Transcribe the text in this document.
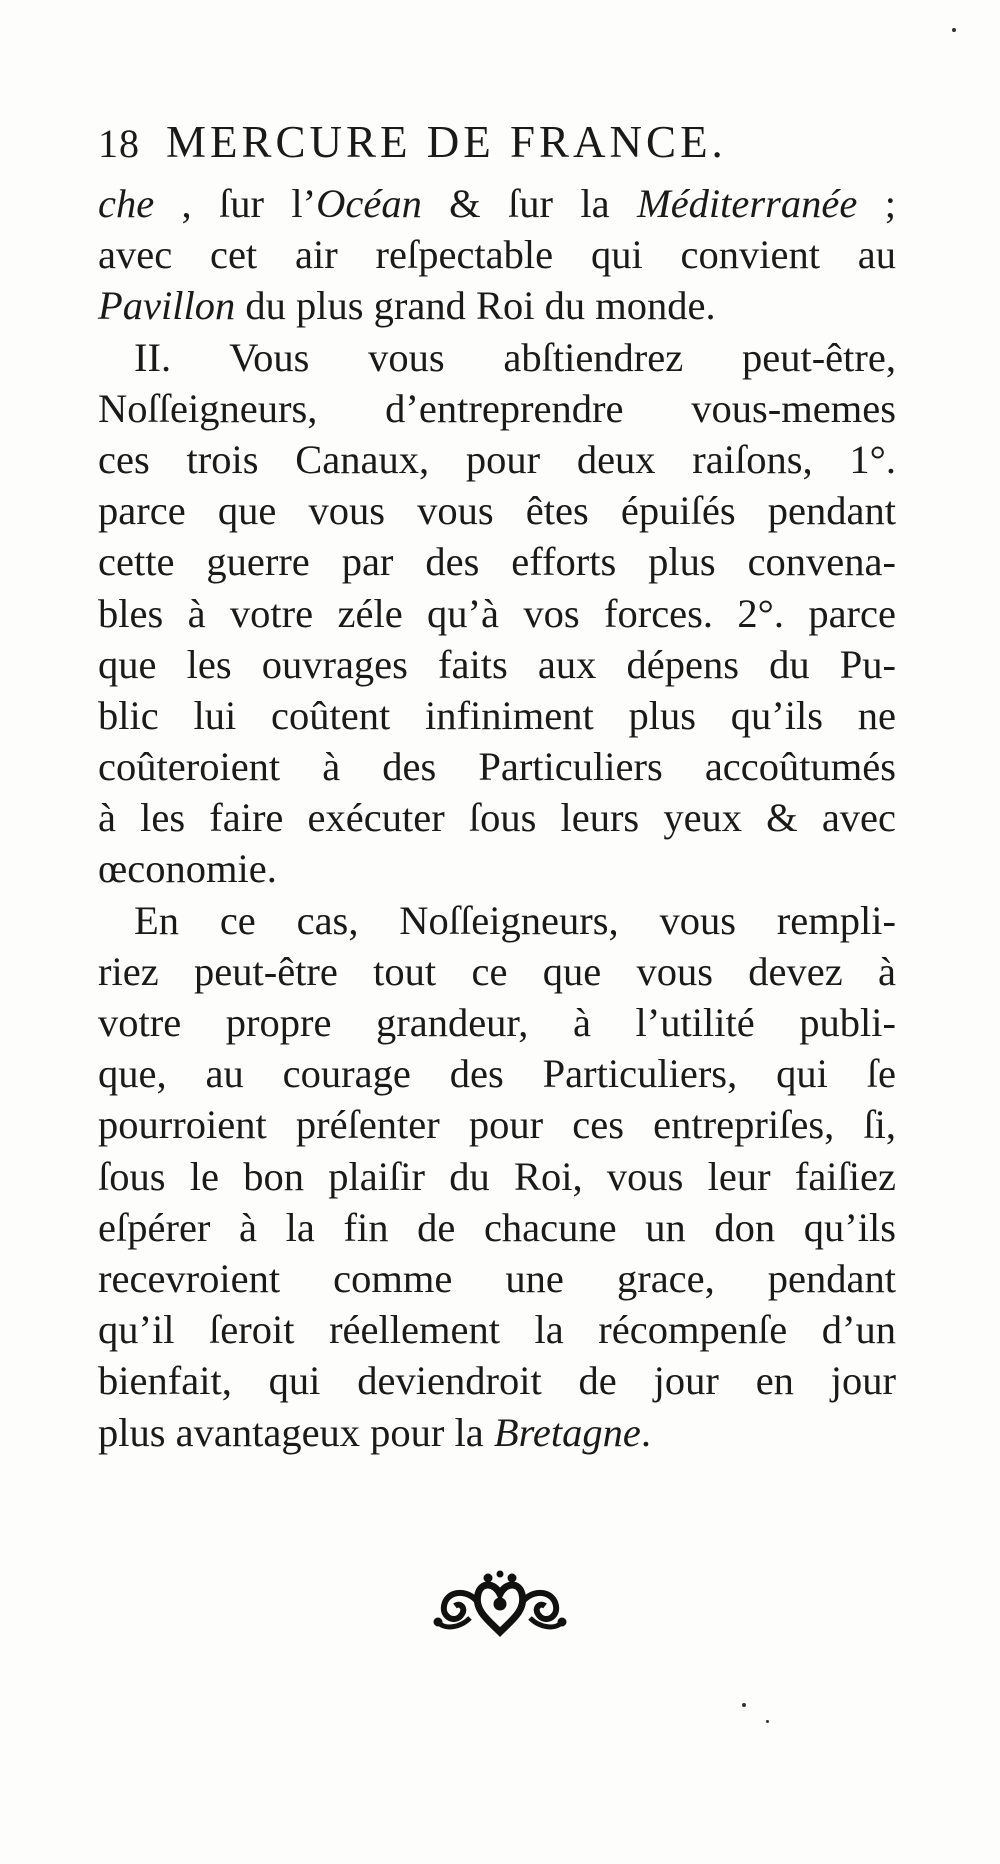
18 MERCURE DE FRANCE.
che , ſur l’Océan & ſur la Méditerranée ;
avec cet air reſpectable qui convient au
Pavillon du plus grand Roi du monde.
II. Vous vous abſtiendrez peut-être,
Noſſeigneurs, d’entreprendre vous-memes
ces trois Canaux, pour deux raiſons, 1°.
parce que vous vous êtes épuiſés pendant
cette guerre par des efforts plus convena-
bles à votre zéle qu’à vos forces. 2°. parce
que les ouvrages faits aux dépens du Pu-
blic lui coûtent infiniment plus qu’ils ne
coûteroient à des Particuliers accoûtumés
à les faire exécuter ſous leurs yeux & avec
œconomie.
En ce cas, Noſſeigneurs, vous rempli-
riez peut-être tout ce que vous devez à
votre propre grandeur, à l’utilité publi-
que, au courage des Particuliers, qui ſe
pourroient préſenter pour ces entrepriſes, ſi,
ſous le bon plaiſir du Roi, vous leur faiſiez
eſpérer à la fin de chacune un don qu’ils
recevroient comme une grace, pendant
qu’il ſeroit réellement la récompenſe d’un
bienfait, qui deviendroit de jour en jour
plus avantageux pour la Bretagne.
